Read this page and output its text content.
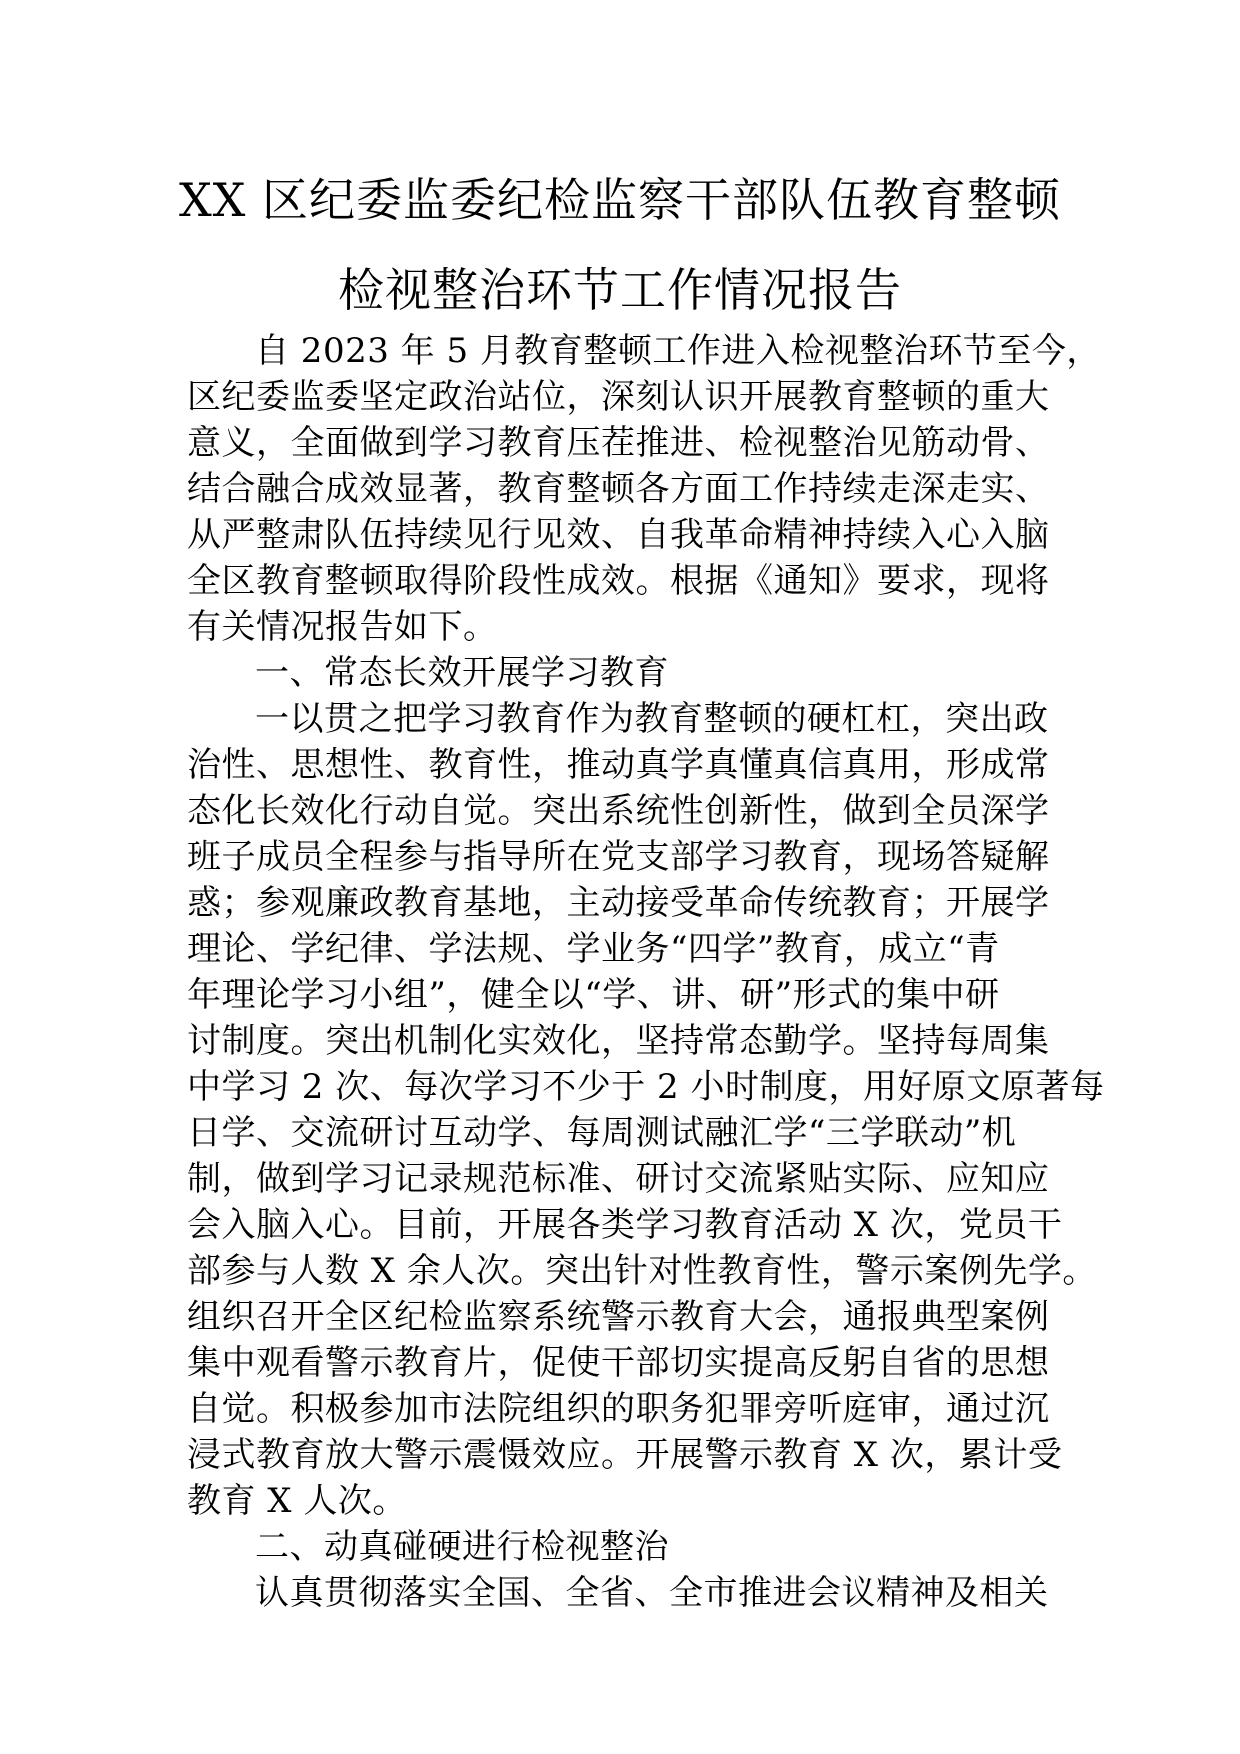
XX 区纪委监委纪检监察干部队伍教育整顿
检视整治环节工作情况报告
自 2023 年 5 月教育整顿工作进入检视整治环节至今，
区纪委监委坚定政治站位，深刻认识开展教育整顿的重大
意义，全面做到学习教育压茬推进、检视整治见筋动骨、
结合融合成效显著，教育整顿各方面工作持续走深走实、
从严整肃队伍持续见行见效、自我革命精神持续入心入脑
全区教育整顿取得阶段性成效。根据《通知》要求，现将
有关情况报告如下。
一、常态长效开展学习教育
一以贯之把学习教育作为教育整顿的硬杠杠，突出政
治性、思想性、教育性，推动真学真懂真信真用，形成常
态化长效化行动自觉。突出系统性创新性，做到全员深学
班子成员全程参与指导所在党支部学习教育，现场答疑解
惑；参观廉政教育基地，主动接受革命传统教育；开展学
理论、学纪律、学法规、学业务“四学”教育，成立“青
年理论学习小组”，健全以“学、讲、研”形式的集中研
讨制度。突出机制化实效化，坚持常态勤学。坚持每周集
中学习 2 次、每次学习不少于 2 小时制度，用好原文原著每
日学、交流研讨互动学、每周测试融汇学“三学联动”机
制，做到学习记录规范标准、研讨交流紧贴实际、应知应
会入脑入心。目前，开展各类学习教育活动 X 次，党员干
部参与人数 X 余人次。突出针对性教育性，警示案例先学。
组织召开全区纪检监察系统警示教育大会，通报典型案例
集中观看警示教育片，促使干部切实提高反躬自省的思想
自觉。积极参加市法院组织的职务犯罪旁听庭审，通过沉
浸式教育放大警示震慑效应。开展警示教育 X 次，累计受
教育 X 人次。
二、动真碰硬进行检视整治
认真贯彻落实全国、全省、全市推进会议精神及相关
